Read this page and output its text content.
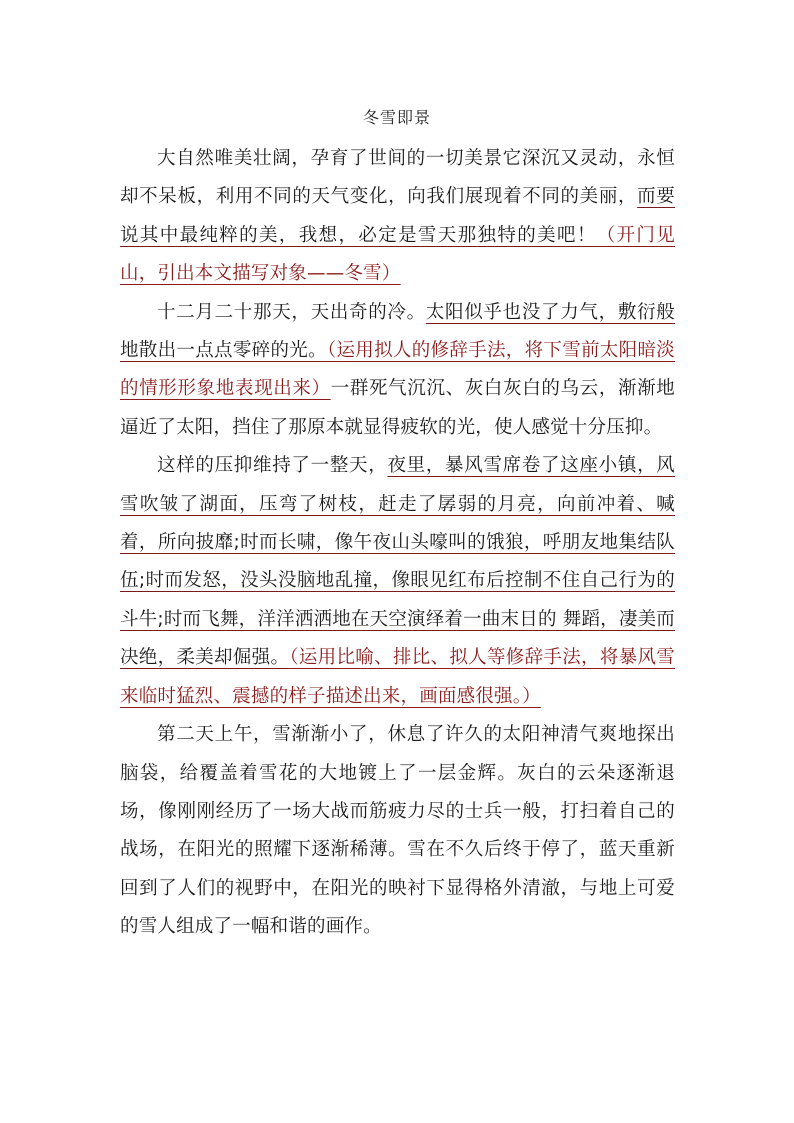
冬雪即景

大自然唯美壮阔，孕育了世间的一切美景它深沉又灵动，永恒却不呆板，利用不同的天气变化，向我们展现着不同的美丽，而要说其中最纯粹的美，我想，必定是雪天那独特的美吧！（开门见山，引出本文描写对象——冬雪）

十二月二十那天，天出奇的冷。太阳似乎也没了力气，敷衍般地散出一点点零碎的光。（运用拟人的修辞手法，将下雪前太阳暗淡的情形形象地表现出来）一群死气沉沉、灰白灰白的乌云，渐渐地逼近了太阳，挡住了那原本就显得疲软的光，使人感觉十分压抑。

这样的压抑维持了一整天，夜里，暴风雪席卷了这座小镇，风雪吹皱了湖面，压弯了树枝，赶走了孱弱的月亮，向前冲着、喊着，所向披靡;时而长啸，像午夜山头嚎叫的饿狼，呼朋友地集结队伍;时而发怒，没头没脑地乱撞，像眼见红布后控制不住自己行为的斗牛;时而飞舞，洋洋洒洒地在天空演绎着一曲末日的 舞蹈，凄美而决绝，柔美却倔强。（运用比喻、排比、拟人等修辞手法，将暴风雪来临时猛烈、震撼的样子描述出来，画面感很强。）

第二天上午，雪渐渐小了，休息了许久的太阳神清气爽地探出脑袋，给覆盖着雪花的大地镀上了一层金辉。灰白的云朵逐渐退场，像刚刚经历了一场大战而筋疲力尽的士兵一般，打扫着自己的战场，在阳光的照耀下逐渐稀薄。雪在不久后终于停了，蓝天重新回到了人们的视野中，在阳光的映衬下显得格外清澈，与地上可爱的雪人组成了一幅和谐的画作。
